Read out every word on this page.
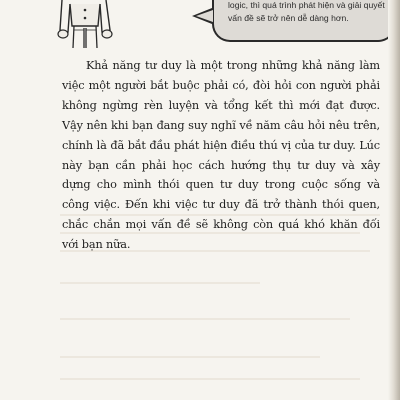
logic, thì quá trình phát hiện và giải quyết vấn đề sẽ trở nên dễ dàng hơn.

Khả năng tư duy là một trong những khả năng làm việc một người bắt buộc phải có, đòi hỏi con người phải không ngừng rèn luyện và tổng kết thì mới đạt được. Vậy nên khi bạn đang suy nghĩ về năm câu hỏi nêu trên, chính là đã bắt đầu phát hiện điều thú vị của tư duy. Lúc này bạn cần phải học cách hướng thụ tư duy và xây dựng cho mình thói quen tư duy trong cuộc sống và công việc. Đến khi việc tư duy đã trở thành thói quen, chắc chắn mọi vấn đề sẽ không còn quá khó khăn đối với bạn nữa.
